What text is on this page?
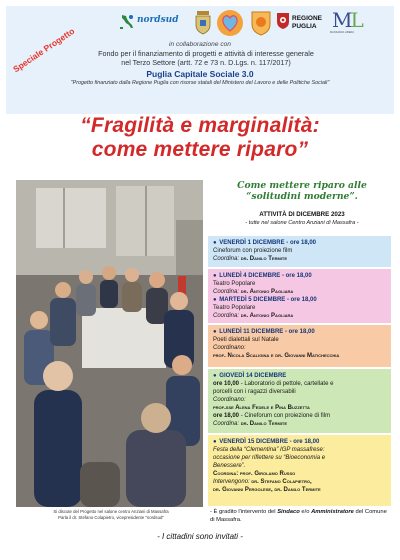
Speciale Progetto
nordsud	REGIONE
PUGLIA ML
MASSAFRA LIBERA
in collaborazione con
Fondo per il finanziamento di progetti e attività di interesse generale
nel Terzo Settore (artt. 72 e 73 n. D.Lgs. n. 117/2017)
Puglia Capitale Sociale 3.0
"Progetto finanziato dalla Regione Puglia con risorse statali del Ministero del Lavoro e delle Politiche Sociali"
“Fragilità e marginalità:
come mettere riparo”
Si discute del Progetto nel salone centro Anziani di Massafra
Parla il dr. Stefano Colapietro, vicepresidente "nordsud"
Come mettere riparo alle
“solitudini moderne”.
ATTIVITÀ DI DICEMBRE 2023
- tutte nel salone Centro Anziani di Massafra -
● VENERDÌ 1 DICEMBRE - ore 18,00
Cineforum con proiezione film
Coordina: dr. Danilo Termite
● LUNEDÌ 4 DICEMBRE - ore 18,00
Teatro Popolare
Coordina: dr. Antonio Pagliara
● MARTEDÌ 5 DICEMBRE - ore 18,00
Teatro Popolare
Coordina: dr. Antonio Pagliara
● LUNEDÌ 11 DICEMBRE - ore 18,00
Poeti dialettali sul Natale
Coordinano:
prof. Nicola Scaligina e dr. Giovanni Matichecchia
● GIOVEDÌ 14 DICEMBRE
ore 10,00 - Laboratorio di pettole, cartellate e
porcelli con i ragazzi diversabili
Coordinano:
prof.sse Alena Fedele e Pina Buzzetta
ore 18,00 - Cineforum con proiezione di film
Coordina: dr. Danilo Termite
● VENERDÌ 15 DICEMBRE - ore 18,00
Festa della “Clementina” IGP massafrese:
occasione per riflettere su “Bioeconomia e
Benessere”.
Coordina: prof. Girolamo Russo
Intervengono: dr. Stefano Colapietro,
dr. Giovanni Pergolese, dr. Danilo Termite
- È gradito l'intervento del Sindaco e/o Amministratore del Comune di Massafra.
- I cittadini sono invitati -
